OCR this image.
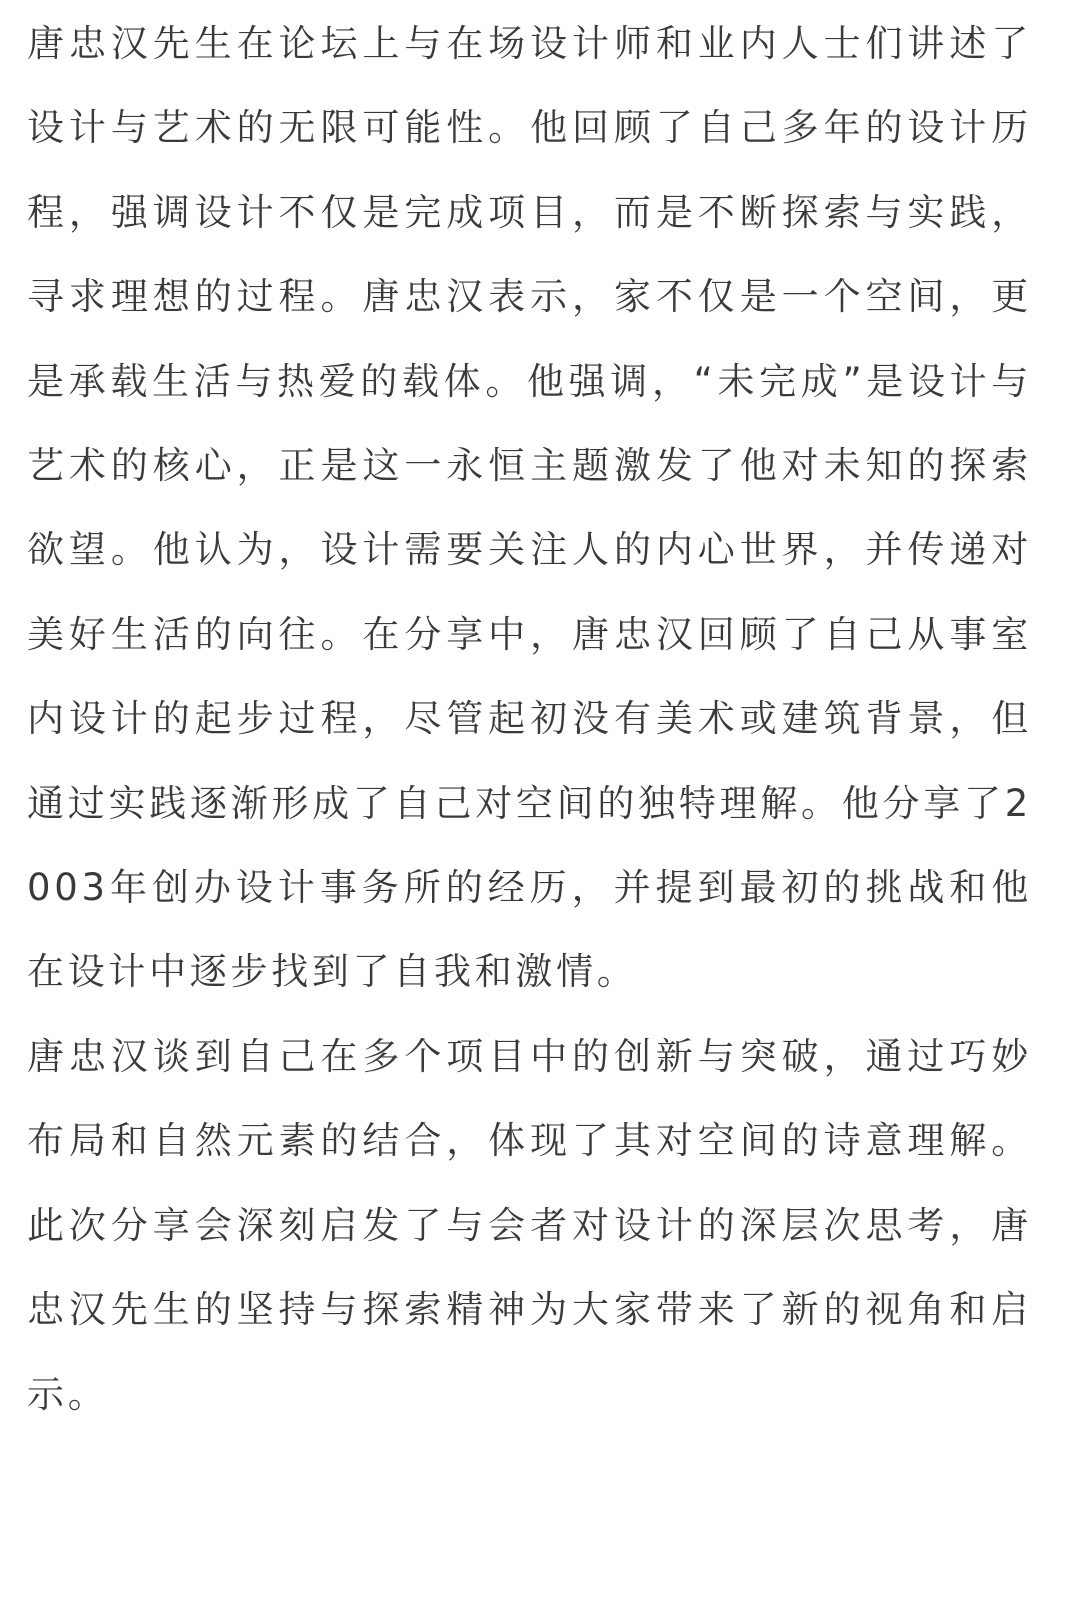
唐忠汉先生在论坛上与在场设计师和业内人士们讲述了设计与艺术的无限可能性。他回顾了自己多年的设计历程，强调设计不仅是完成项目，而是不断探索与实践，寻求理想的过程。唐忠汉表示，家不仅是一个空间，更是承载生活与热爱的载体。他强调，“未完成”是设计与艺术的核心，正是这一永恒主题激发了他对未知的探索欲望。他认为，设计需要关注人的内心世界，并传递对美好生活的向往。在分享中，唐忠汉回顾了自己从事室内设计的起步过程，尽管起初没有美术或建筑背景，但通过实践逐渐形成了自己对空间的独特理解。他分享了2003年创办设计事务所的经历，并提到最初的挑战和他在设计中逐步找到了自我和激情。

唐忠汉谈到自己在多个项目中的创新与突破，通过巧妙布局和自然元素的结合，体现了其对空间的诗意理解。此次分享会深刻启发了与会者对设计的深层次思考，唐忠汉先生的坚持与探索精神为大家带来了新的视角和启示。
